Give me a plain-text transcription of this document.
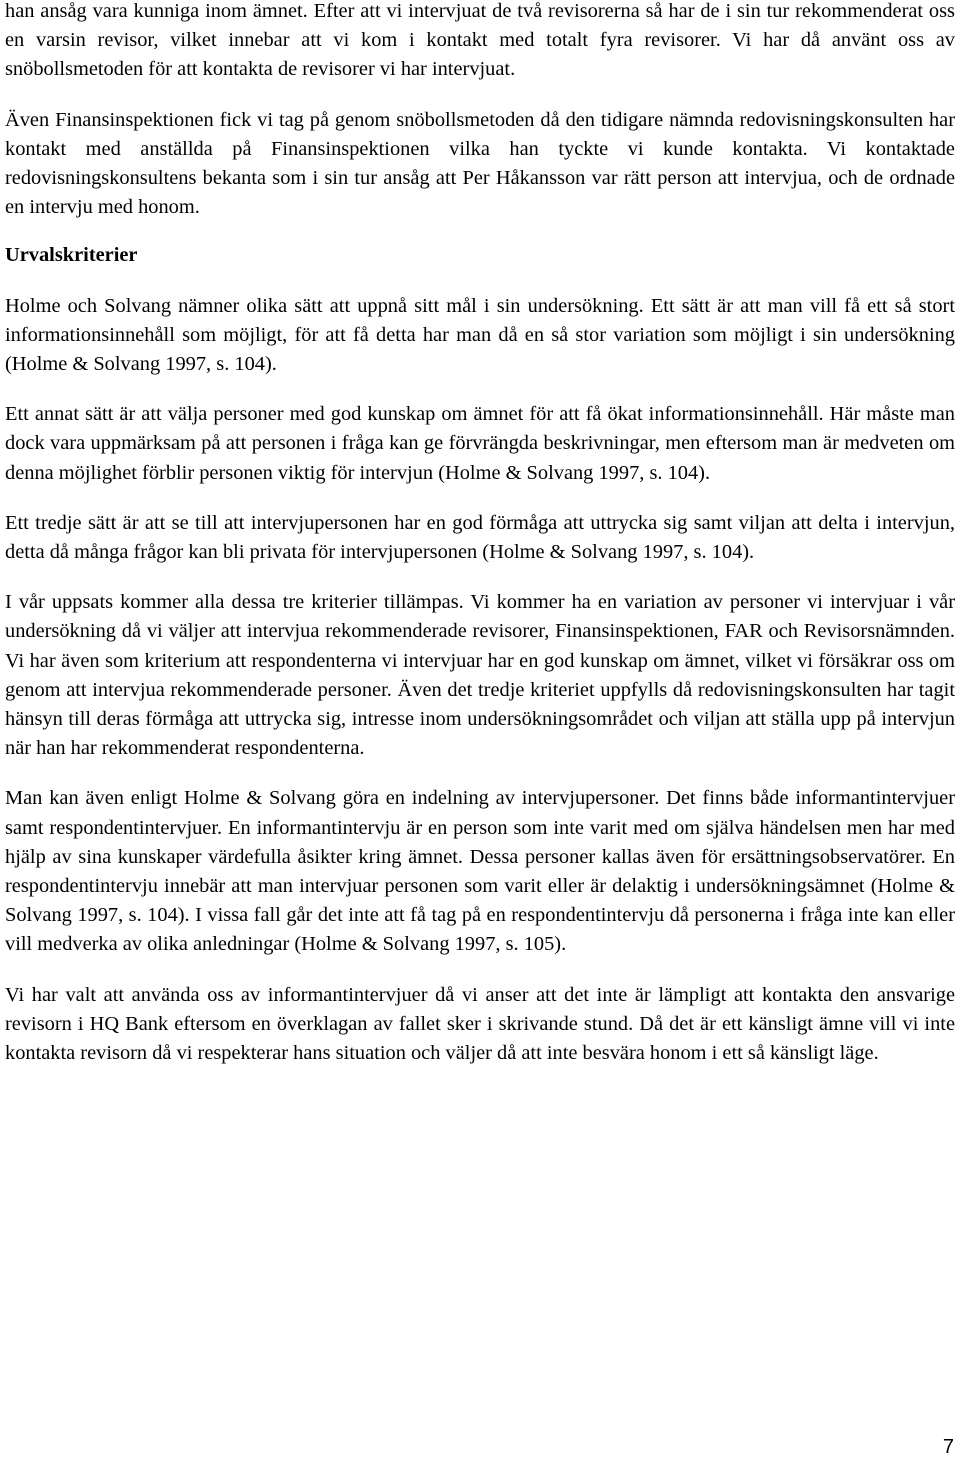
han ansåg vara kunniga inom ämnet. Efter att vi intervjuat de två revisorerna så har de i sin tur rekommenderat oss en varsin revisor, vilket innebar att vi kom i kontakt med totalt fyra revisorer. Vi har då använt oss av snöbollsmetoden för att kontakta de revisorer vi har intervjuat.

Även Finansinspektionen fick vi tag på genom snöbollsmetoden då den tidigare nämnda redovisningskonsulten har kontakt med anställda på Finansinspektionen vilka han tyckte vi kunde kontakta. Vi kontaktade redovisningskonsultens bekanta som i sin tur ansåg att Per Håkansson var rätt person att intervjua, och de ordnade en intervju med honom.

Urvalskriterier

Holme och Solvang nämner olika sätt att uppnå sitt mål i sin undersökning. Ett sätt är att man vill få ett så stort informationsinnehåll som möjligt, för att få detta har man då en så stor variation som möjligt i sin undersökning (Holme & Solvang 1997, s. 104).

Ett annat sätt är att välja personer med god kunskap om ämnet för att få ökat informationsinnehåll. Här måste man dock vara uppmärksam på att personen i fråga kan ge förvrängda beskrivningar, men eftersom man är medveten om denna möjlighet förblir personen viktig för intervjun (Holme & Solvang 1997, s. 104).

Ett tredje sätt är att se till att intervjupersonen har en god förmåga att uttrycka sig samt viljan att delta i intervjun, detta då många frågor kan bli privata för intervjupersonen (Holme & Solvang 1997, s. 104).

I vår uppsats kommer alla dessa tre kriterier tillämpas. Vi kommer ha en variation av personer vi intervjuar i vår undersökning då vi väljer att intervjua rekommenderade revisorer, Finansinspektionen, FAR och Revisorsnämnden. Vi har även som kriterium att respondenterna vi intervjuar har en god kunskap om ämnet, vilket vi försäkrar oss om genom att intervjua rekommenderade personer. Även det tredje kriteriet uppfylls då redovisningskonsulten har tagit hänsyn till deras förmåga att uttrycka sig, intresse inom undersökningsområdet och viljan att ställa upp på intervjun när han har rekommenderat respondenterna.

Man kan även enligt Holme & Solvang göra en indelning av intervjupersoner. Det finns både informantintervjuer samt respondentintervjuer. En informantintervju är en person som inte varit med om själva händelsen men har med hjälp av sina kunskaper värdefulla åsikter kring ämnet. Dessa personer kallas även för ersättningsobservatörer. En respondentintervju innebär att man intervjuar personen som varit eller är delaktig i undersökningsämnet (Holme & Solvang 1997, s. 104). I vissa fall går det inte att få tag på en respondentintervju då personerna i fråga inte kan eller vill medverka av olika anledningar (Holme & Solvang 1997, s. 105).

Vi har valt att använda oss av informantintervjuer då vi anser att det inte är lämpligt att kontakta den ansvarige revisorn i HQ Bank eftersom en överklagan av fallet sker i skrivande stund. Då det är ett känsligt ämne vill vi inte kontakta revisorn då vi respekterar hans situation och väljer då att inte besvära honom i ett så känsligt läge.

7
